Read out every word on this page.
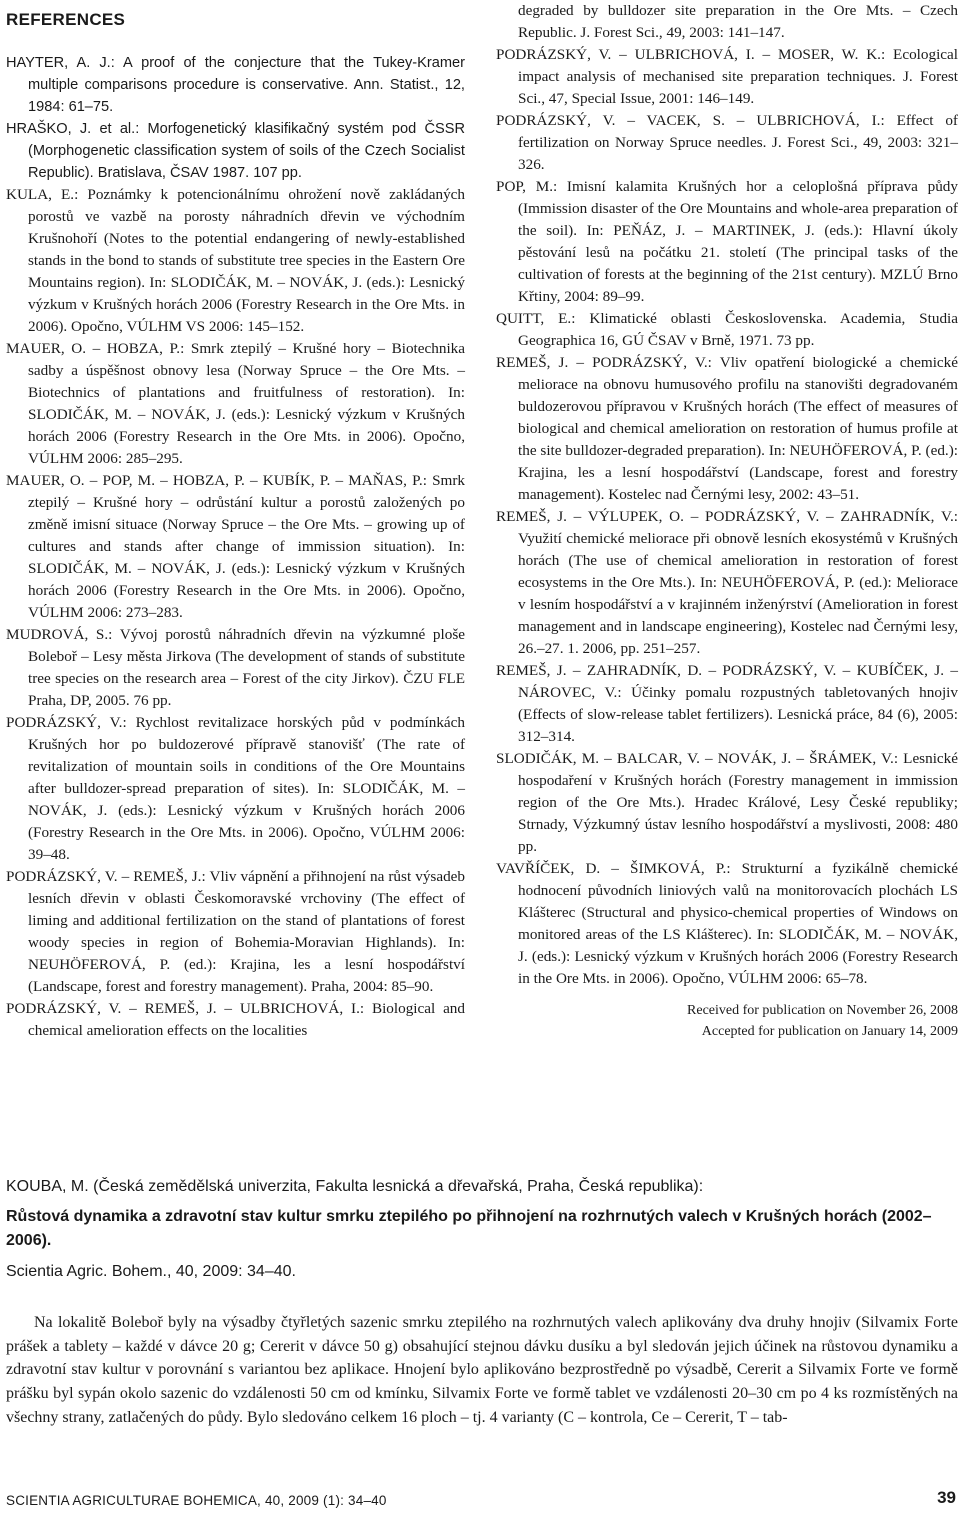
REFERENCES

HAYTER, A. J.: A proof of the conjecture that the Tukey-Kramer multiple comparisons procedure is conservative. Ann. Statist., 12, 1984: 61–75.

HRAŠKO, J. et al.: Morfogenetický klasifikačný systém pod ČSSR (Morphogenetic classification system of soils of the Czech Socialist Republic). Bratislava, ČSAV 1987. 107 pp.

KULA, E.: Poznámky k potencionálnímu ohrožení nově zakládaných porostů ve vazbě na porosty náhradních dřevin ve východním Krušnohoří (Notes to the potential endangering of newly-established stands in the bond to stands of substitute tree species in the Eastern Ore Mountains region). In: SLODIČÁK, M. – NOVÁK, J. (eds.): Lesnický výzkum v Krušných horách 2006 (Forestry Research in the Ore Mts. in 2006). Opočno, VÚLHM VS 2006: 145–152.

MAUER, O. – HOBZA, P.: Smrk ztepilý – Krušné hory – Biotechnika sadby a úspěšnost obnovy lesa (Norway Spruce – the Ore Mts. – Biotechnics of plantations and fruitfulness of restoration). In: SLODIČÁK, M. – NOVÁK, J. (eds.): Lesnický výzkum v Krušných horách 2006 (Forestry Research in the Ore Mts. in 2006). Opočno, VÚLHM 2006: 285–295.

MAUER, O. – POP, M. – HOBZA, P. – KUBÍK, P. – MAŇAS, P.: Smrk ztepilý – Krušné hory – odrůstání kultur a porostů založených po změně imisní situace (Norway Spruce – the Ore Mts. – growing up of cultures and stands after change of immission situation). In: SLODIČÁK, M. – NOVÁK, J. (eds.): Lesnický výzkum v Krušných horách 2006 (Forestry Research in the Ore Mts. in 2006). Opočno, VÚLHM 2006: 273–283.

MUDROVÁ, S.: Vývoj porostů náhradních dřevin na výzkumné ploše Boleboř – Lesy města Jirkova (The development of stands of substitute tree species on the research area – Forest of the city Jirkov). ČZU FLE Praha, DP, 2005. 76 pp.

PODRÁZSKÝ, V.: Rychlost revitalizace horských půd v podmínkách Krušných hor po buldozerové přípravě stanovišť (The rate of revitalization of mountain soils in conditions of the Ore Mountains after bulldozer-spread preparation of sites). In: SLODIČÁK, M. – NOVÁK, J. (eds.): Lesnický výzkum v Krušných horách 2006 (Forestry Research in the Ore Mts. in 2006). Opočno, VÚLHM 2006: 39–48.

PODRÁZSKÝ, V. – REMEŠ, J.: Vliv vápnění a přihnojení na růst výsadeb lesních dřevin v oblasti Českomoravské vrchoviny (The effect of liming and additional fertilization on the stand of plantations of forest woody species in region of Bohemia-Moravian Highlands). In: NEUHÖFEROVÁ, P. (ed.): Krajina, les a lesní hospodářství (Landscape, forest and forestry management). Praha, 2004: 85–90.

PODRÁZSKÝ, V. – REMEŠ, J. – ULBRICHOVÁ, I.: Biological and chemical amelioration effects on the localities

degraded by bulldozer site preparation in the Ore Mts. – Czech Republic. J. Forest Sci., 49, 2003: 141–147.

PODRÁZSKÝ, V. – ULBRICHOVÁ, I. – MOSER, W. K.: Ecological impact analysis of mechanised site preparation techniques. J. Forest Sci., 47, Special Issue, 2001: 146–149.

PODRÁZSKÝ, V. – VACEK, S. – ULBRICHOVÁ, I.: Effect of fertilization on Norway Spruce needles. J. Forest Sci., 49, 2003: 321–326.

POP, M.: Imisní kalamita Krušných hor a celoplošná příprava půdy (Immission disaster of the Ore Mountains and whole-area preparation of the soil). In: PEŇÁZ, J. – MARTINEK, J. (eds.): Hlavní úkoly pěstování lesů na počátku 21. století (The principal tasks of the cultivation of forests at the beginning of the 21st century). MZLÚ Brno Křtiny, 2004: 89–99.

QUITT, E.: Klimatické oblasti Československa. Academia, Studia Geographica 16, GÚ ČSAV v Brně, 1971. 73 pp.

REMEŠ, J. – PODRÁZSKÝ, V.: Vliv opatření biologické a chemické meliorace na obnovu humusového profilu na stanovišti degradovaném buldozerovou přípravou v Krušných horách (The effect of measures of biological and chemical amelioration on restoration of humus profile at the site bulldozer-degraded preparation). In: NEUHÖFEROVÁ, P. (ed.): Krajina, les a lesní hospodářství (Landscape, forest and forestry management). Kostelec nad Černými lesy, 2002: 43–51.

REMEŠ, J. – VÝLUPEK, O. – PODRÁZSKÝ, V. – ZAHRADNÍK, V.: Využití chemické meliorace při obnově lesních ekosystémů v Krušných horách (The use of chemical amelioration in restoration of forest ecosystems in the Ore Mts.). In: NEUHÖFEROVÁ, P. (ed.): Meliorace v lesním hospodářství a v krajinném inženýrství (Amelioration in forest management and in landscape engineering), Kostelec nad Černými lesy, 26.–27. 1. 2006, pp. 251–257.

REMEŠ, J. – ZAHRADNÍK, D. – PODRÁZSKÝ, V. – KUBÍČEK, J. – NÁROVEC, V.: Účinky pomalu rozpustných tabletovaných hnojiv (Effects of slow-release tablet fertilizers). Lesnická práce, 84 (6), 2005: 312–314.

SLODIČÁK, M. – BALCAR, V. – NOVÁK, J. – ŠRÁMEK, V.: Lesnické hospodaření v Krušných horách (Forestry management in immission region of the Ore Mts.). Hradec Králové, Lesy České republiky; Strnady, Výzkumný ústav lesního hospodářství a myslivosti, 2008: 480 pp.

VAVŘÍČEK, D. – ŠIMKOVÁ, P.: Strukturní a fyzikálně chemické hodnocení původních liniových valů na monitorovacích plochách LS Klášterec (Structural and physico-chemical properties of Windows on monitored areas of the LS Klášterec). In: SLODIČÁK, M. – NOVÁK, J. (eds.): Lesnický výzkum v Krušných horách 2006 (Forestry Research in the Ore Mts. in 2006). Opočno, VÚLHM 2006: 65–78.

Received for publication on November 26, 2008

Accepted for publication on January 14, 2009

KOUBA, M. (Česká zemědělská univerzita, Fakulta lesnická a dřevařská, Praha, Česká republika):

Růstová dynamika a zdravotní stav kultur smrku ztepilého po přihnojení na rozhrnutých valech v Krušných horách (2002–2006).

Scientia Agric. Bohem., 40, 2009: 34–40.

Na lokalitě Boleboř byly na výsadby čtyřletých sazenic smrku ztepilého na rozhrnutých valech aplikovány dva druhy hnojiv (Silvamix Forte prášek a tablety – každé v dávce 20 g; Cererit v dávce 50 g) obsahující stejnou dávku dusíku a byl sledován jejich účinek na růstovou dynamiku a zdravotní stav kultur v porovnání s variantou bez aplikace. Hnojení bylo aplikováno bezprostředně po výsadbě, Cererit a Silvamix Forte ve formě prášku byl sypán okolo sazenic do vzdálenosti 50 cm od kmínku, Silvamix Forte ve formě tablet ve vzdálenosti 20–30 cm po 4 ks rozmístěných na všechny strany, zatlačených do půdy. Bylo sledováno celkem 16 ploch – tj. 4 varianty (C – kontrola, Ce – Cererit, T – tab-

SCIENTIA AGRICULTURAE BOHEMICA, 40, 2009 (1): 34–40	39
